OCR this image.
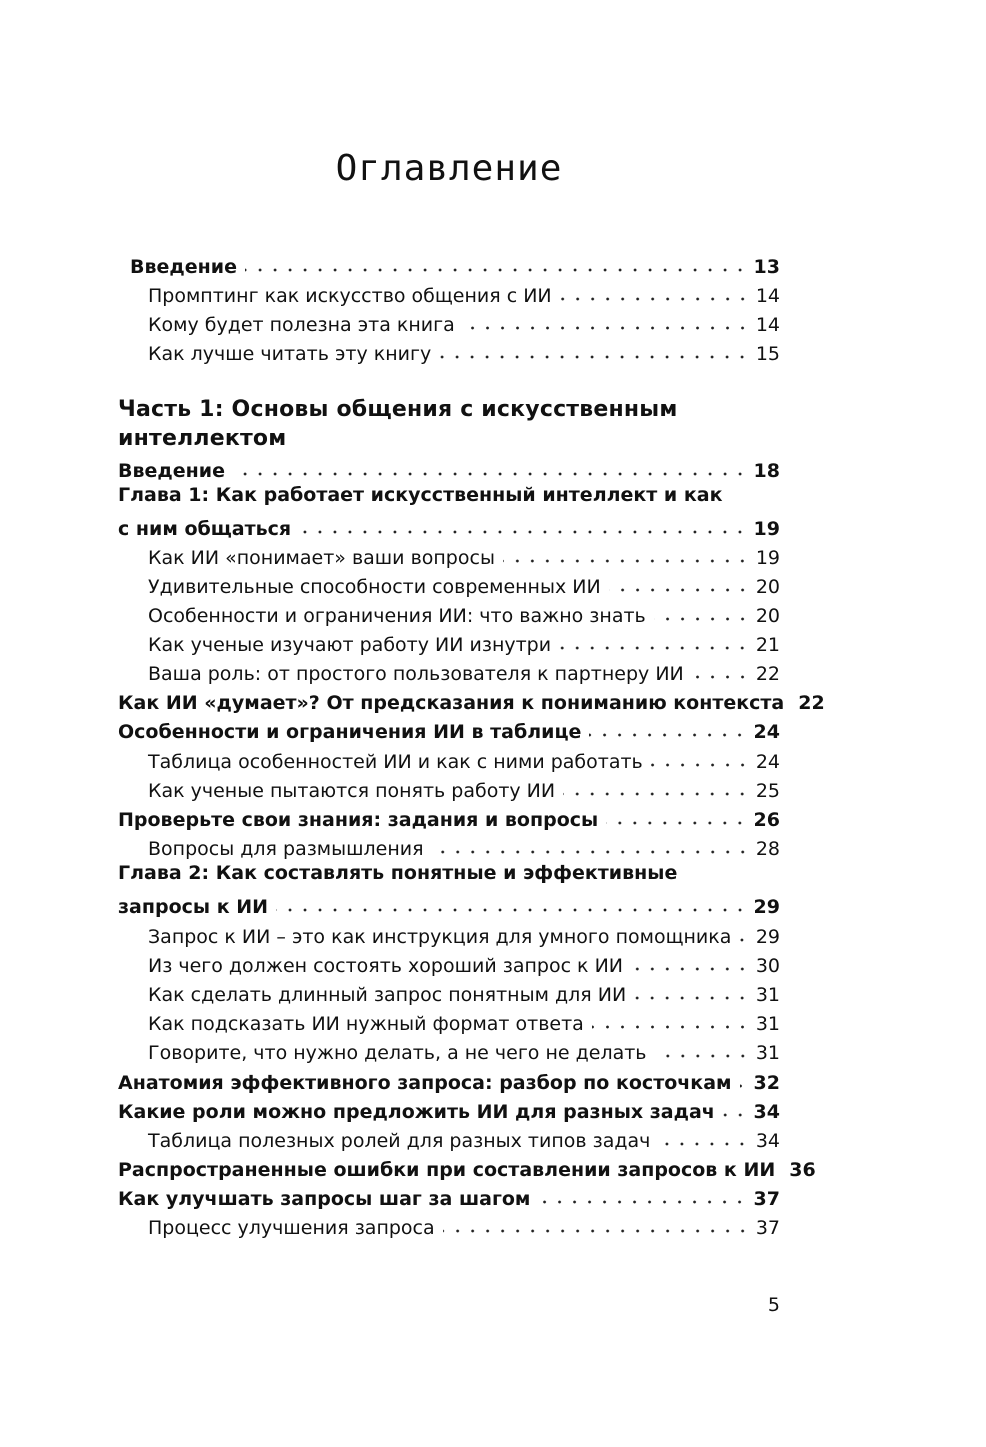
Оглавление
Введение	13
Промптинг как искусство общения с ИИ	14
Кому будет полезна эта книга	14
Как лучше читать эту книгу	15
Часть 1: Основы общения с искусственным
интеллектом
Введение	18
Глава 1: Как работает искусственный интеллект и как
с ним общаться	19
Как ИИ «понимает» ваши вопросы	19
Удивительные способности современных ИИ	20
Особенности и ограничения ИИ: что важно знать	20
Как ученые изучают работу ИИ изнутри	21
Ваша роль: от простого пользователя к партнеру ИИ	22
Как ИИ «думает»? От предсказания к пониманию контекста 22
Особенности и ограничения ИИ в таблице	24
Таблица особенностей ИИ и как с ними работать	24
Как ученые пытаются понять работу ИИ	25
Проверьте свои знания: задания и вопросы	26
Вопросы для размышления	28
Глава 2: Как составлять понятные и эффективные
запросы к ИИ	29
Запрос к ИИ – это как инструкция для умного помощника 29
Из чего должен состоять хороший запрос к ИИ	30
Как сделать длинный запрос понятным для ИИ	31
Как подсказать ИИ нужный формат ответа	31
Говорите, что нужно делать, а не чего не делать	31
Анатомия эффективного запроса: разбор по косточкам 32
Какие роли можно предложить ИИ для разных задач 34
Таблица полезных ролей для разных типов задач	34
Распространенные ошибки при составлении запросов к ИИ 36
Как улучшать запросы шаг за шагом	37
Процесс улучшения запроса	37
5
